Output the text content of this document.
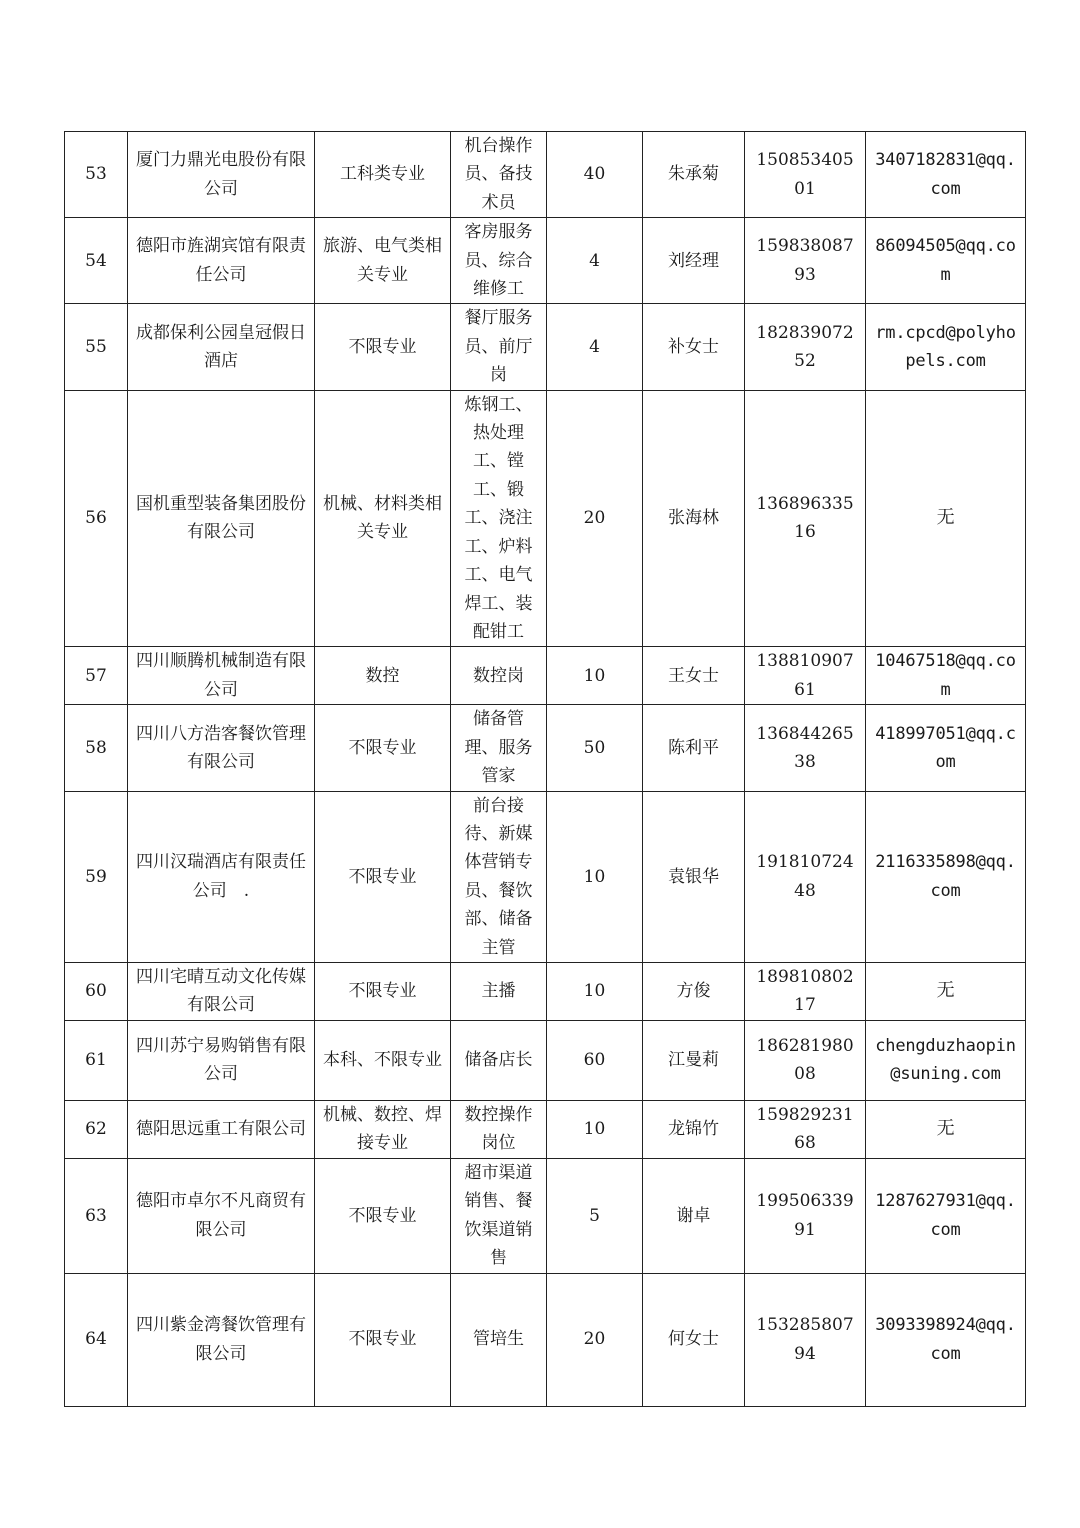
53	厦门力鼎光电股份有限公司	工科类专业	机台操作员、备技术员	40	朱承菊	15085340501	3407182831@qq.com
54	德阳市旌湖宾馆有限责任公司	旅游、电气类相关专业	客房服务员、综合维修工	4	刘经理	15983808793	86094505@qq.com
55	成都保利公园皇冠假日酒店	不限专业	餐厅服务员、前厅岗	4	补女士	18283907252	rm.cpcd@polyhopels.com
56	国机重型装备集团股份有限公司	机械、材料类相关专业	炼钢工、热处理工、镗工、锻工、浇注工、炉料工、电气焊工、装配钳工	20	张海林	13689633516	无
57	四川顺腾机械制造有限公司	数控	数控岗	10	王女士	13881090761	10467518@qq.com
58	四川八方浩客餐饮管理有限公司	不限专业	储备管理、服务管家	50	陈利平	13684426538	418997051@qq.com
59	四川汉瑞酒店有限责任公司　.	不限专业	前台接待、新媒体营销专员、餐饮部、储备主管	10	袁银华	19181072448	2116335898@qq.com
60	四川宅晴互动文化传媒有限公司	不限专业	主播	10	方俊	18981080217	无
61	四川苏宁易购销售有限公司	本科、不限专业	储备店长	60	江曼莉	18628198008	chengduzhaopin@suning.com
62	德阳思远重工有限公司	机械、数控、焊接专业	数控操作岗位	10	龙锦竹	15982923168	无
63	德阳市卓尔不凡商贸有限公司	不限专业	超市渠道销售、餐饮渠道销售	5	谢卓	19950633991	1287627931@qq.com
64	四川紫金湾餐饮管理有限公司	不限专业	管培生	20	何女士	15328580794	3093398924@qq.com
